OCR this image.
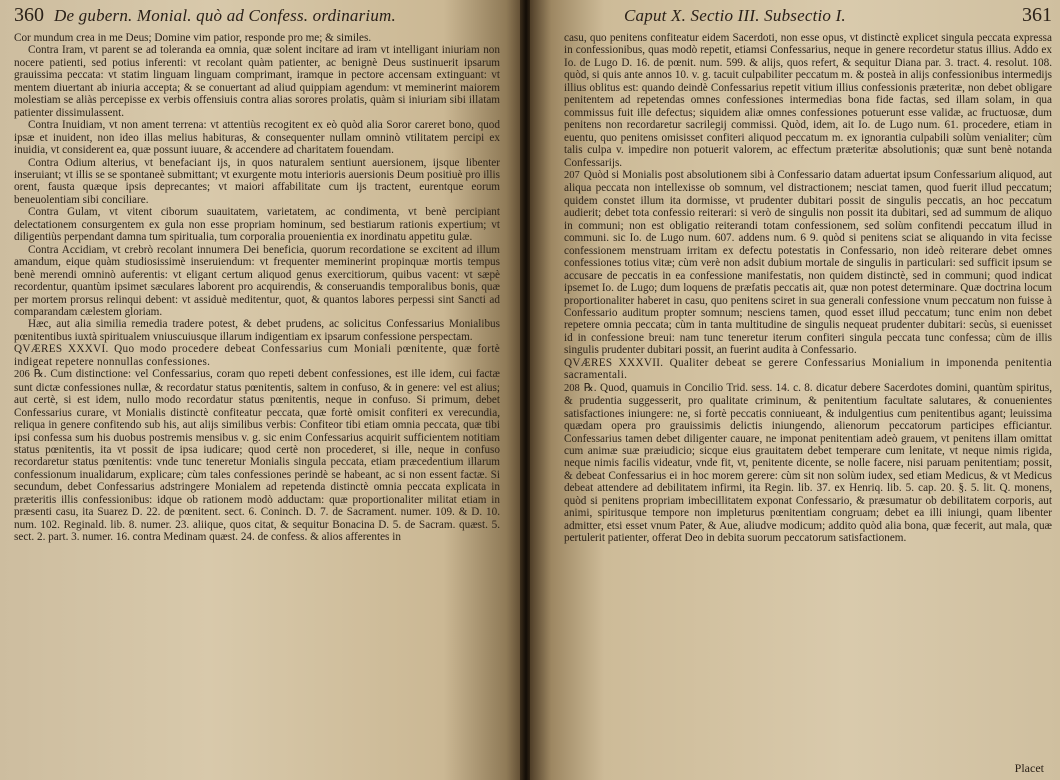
360 De gubern. Monial. quò ad Confess. ordinarium.

Cor mundum crea in me Deus; Domine vim patior, responde pro me; & similes.

Contra Iram, vt parent se ad toleranda ea omnia, quæ solent incitare ad iram vt intelligant iniuriam non nocere patienti, sed potius inferenti: vt recolant quàm patienter, ac benignè Deus sustinuerit ipsarum grauissima peccata: vt statim linguam linguam comprimant, iramque in pectore accensam extinguant: vt mentem diuertant ab iniuria accepta; & se conuertant ad aliud quippiam agendum: vt meminerint maiorem molestiam se aliàs percepisse ex verbis offensiuis contra alias sorores prolatis, quàm si iniuriam sibi illatam patienter dissimulassent.

Contra Inuidiam, vt non ament terrena: vt attentiùs recogitent ex eò quòd alia Soror careret bono, quod ipsæ et inuident, non ideo illas melius habituras, & consequenter nullam omninò vtilitatem percipi ex inuidia, vt considerent ea, quæ possunt iuuare, & accendere ad charitatem fouendam.

Contra Odium alterius, vt benefaciant ijs, in quos naturalem sentiunt auersionem, ijsque libenter inseruiant; vt illis se se spontaneè submittant; vt exurgente motu interioris auersionis Deum positiuè pro illis orent, fausta quæque ipsis deprecantes; vt maiori affabilitate cum ijs tractent, eurentque eorum beneuolentiam sibi conciliare.

Contra Gulam, vt vitent ciborum suauitatem, varietatem, ac condimenta, vt benè percipiant delectationem consurgentem ex gula non esse propriam hominum, sed bestiarum rationis expertium; vt diligentiùs perpendant damna tum spiritualia, tum corporalia prouenientia ex inordinatu appetitu gulæ.

Contra Accidiam, vt crebrò recolant innumera Dei beneficia, quorum recordatione se excitent ad illum amandum, eique quàm studiosissimè inseruiendum: vt frequenter meminerint propinquæ mortis tempus benè merendi omninò auferentis: vt eligant certum aliquod genus exercitiorum, quibus vacent: vt sæpè recordentur, quantùm ipsimet sæculares laborent pro acquirendis, & conseruandis temporalibus bonis, quæ per mortem prorsus relinqui debent: vt assiduè meditentur, quot, & quantos labores perpessi sint Sancti ad comparandam cælestem gloriam.

Hæc, aut alia similia remedia tradere potest, & debet prudens, ac solicitus Confessarius Monialibus pœnitentibus iuxtà spiritualem vniuscuiusque illarum indigentiam ex ipsarum confessione perspectam.

QVÆRES XXXVI. Quo modo procedere debeat Confessarius cum Moniali pœnitente, quæ fortè indigeat repetere nonnullas confessiones.

206 ℞. Cum distinctione: vel Confessarius, coram quo repeti debent confessiones, est ille idem, cui factæ sunt dictæ confessiones nullæ, & recordatur status pœnitentis, saltem in confuso, & in genere: vel est alius; aut certè, si est idem, nullo modo recordatur status pœnitentis, neque in confuso. Si primum, debet Confessarius curare, vt Monialis distinctè confiteatur peccata, quæ fortè omisit confiteri ex verecundia, reliqua in genere confitendo sub his, aut alijs similibus verbis: Confiteor tibi etiam omnia peccata, quæ tibi ipsi confessa sum his duobus postremis mensibus v. g. sic enim Confessarius acquirit sufficientem notitiam status pœnitentis, ita vt possit de ipsa iudicare; quod certè non procederet, si ille, neque in confuso recordaretur status pœnitentis: vnde tunc teneretur Monialis singula peccata, etiam præcedentium illarum confessionum inualidarum, explicare; cùm tales confessiones perindè se habeant, ac si non essent factæ. Si secundum, debet Confessarius adstringere Monialem ad repetenda distinctè omnia peccata explicata in præteritis illis confessionibus: idque ob rationem modò adductam: quæ proportionaliter militat etiam in præsenti casu, ita Suarez D. 22. de pœnitent. sect. 6. Coninch. D. 7. de Sacrament. numer. 109. & D. 10. num. 102. Reginald. lib. 8. numer. 23. aliique, quos citat, & sequitur Bonacina D. 5. de Sacram. quæst. 5. sect. 2. part. 3. numer. 16. contra Medinam quæst. 24. de confess. & alios afferentes in

Caput X. Sectio III. Subsectio I.	361

casu, quo penitens confiteatur eidem Sacerdoti, non esse opus, vt distinctè explicet singula peccata expressa in confessionibus, quas modò repetit, etiamsi Confessarius, neque in genere recordetur status illius. Addo ex Io. de Lugo D. 16. de pœnit. num. 599. & alijs, quos refert, & sequitur Diana par. 3. tract. 4. resolut. 108. quòd, si quis ante annos 10. v. g. tacuit culpabiliter peccatum m. & posteà in alijs confessionibus intermedijs illius oblitus est: quando deindè Confessarius repetit vitium illius confessionis præteritæ, non debet obligare penitentem ad repetendas omnes confessiones intermedias bona fide factas, sed illam solam, in qua commissus fuit ille defectus; siquidem aliæ omnes confessiones potuerunt esse validæ, ac fructuosæ, dum penitens non recordaretur sacrilegij commissi. Quòd, idem, ait Io. de Lugo num. 61. procedere, etiam in euentu, quo penitens omisisset confiteri aliquod peccatum m. ex ignorantia culpabili solùm venialiter; cùm talis culpa v. impedire non potuerit valorem, ac effectum præteritæ absolutionis; quæ sunt benè notanda Confessarijs.

207 Quòd si Monialis post absolutionem sibi à Confessario datam aduertat ipsum Confessarium aliquod, aut aliqua peccata non intellexisse ob somnum, vel distractionem; nesciat tamen, quod fuerit illud peccatum; quidem constet illum ita dormisse, vt prudenter dubitari possit de singulis peccatis, an hoc peccatum audierit; debet tota confessio reiterari: si verò de singulis non possit ita dubitari, sed ad summum de aliquo in communi; non est obligatio reiterandi totam confessionem, sed solùm confitendi peccatum illud in communi. sic Io. de Lugo num. 607. addens num. 6 9. quòd si penitens sciat se aliquando in vita fecisse confessionem menstruam irritam ex defectu potestatis in Confessario, non ideò reiterare debet omnes confessiones totius vitæ; cùm verè non adsit dubium mortale de singulis in particulari: sed sufficit ipsum se accusare de peccatis in ea confessione manifestatis, non quidem distinctè, sed in communi; quod indicat ipsemet Io. de Lugo; dum loquens de præfatis peccatis ait, quæ non potest determinare. Quæ doctrina locum proportionaliter haberet in casu, quo penitens sciret in sua generali confessione vnum peccatum non fuisse à Confessario auditum propter somnum; nesciens tamen, quod esset illud peccatum; tunc enim non debet repetere omnia peccata; cùm in tanta multitudine de singulis nequeat prudenter dubitari: secùs, si euenisset id in confessione breui: nam tunc teneretur iterum confiteri singula peccata tunc confessa; cùm de illis singulis prudenter dubitari possit, an fuerint audita à Confessario.

QVÆRES XXXVII. Qualiter debeat se gerere Confessarius Monialium in imponenda penitentia sacramentali.

208 ℞. Quod, quamuis in Concilio Trid. sess. 14. c. 8. dicatur debere Sacerdotes domini, quantùm spiritus, & prudentia suggesserit, pro qualitate criminum, & penitentium facultate salutares, & conuenientes satisfactiones iniungere: ne, si fortè peccatis conniueant, & indulgentius cum penitentibus agant; leuissima quædam opera pro grauissimis delictis iniungendo, alienorum peccatorum participes efficiantur. Confessarius tamen debet diligenter cauare, ne imponat penitentiam adeò grauem, vt penitens illam omittat cum animæ suæ præiudicio; sicque eius grauitatem debet temperare cum lenitate, vt neque nimis rigida, neque nimis facilis videatur, vnde fit, vt, penitente dicente, se nolle facere, nisi paruam penitentiam; possit, & debeat Confessarius ei in hoc morem gerere: cùm sit non solùm iudex, sed etiam Medicus, & vt Medicus debeat attendere ad debilitatem infirmi, ita Regin. lib. 37. ex Henriq. lib. 5. cap. 20. §. 5. lit. Q. monens, quòd si penitens propriam imbecillitatem exponat Confessario, & præsumatur ob debilitatem corporis, aut animi, spiritusque tempore non impleturus pœnitentiam congruam; debet ea illi iniungi, quam libenter admitter, etsi esset vnum Pater, & Aue, aliudve modicum; addito quòd alia bona, quæ fecerit, aut mala, quæ pertulerit patienter, offerat Deo in debita suorum peccatorum satisfactionem.

Placet
